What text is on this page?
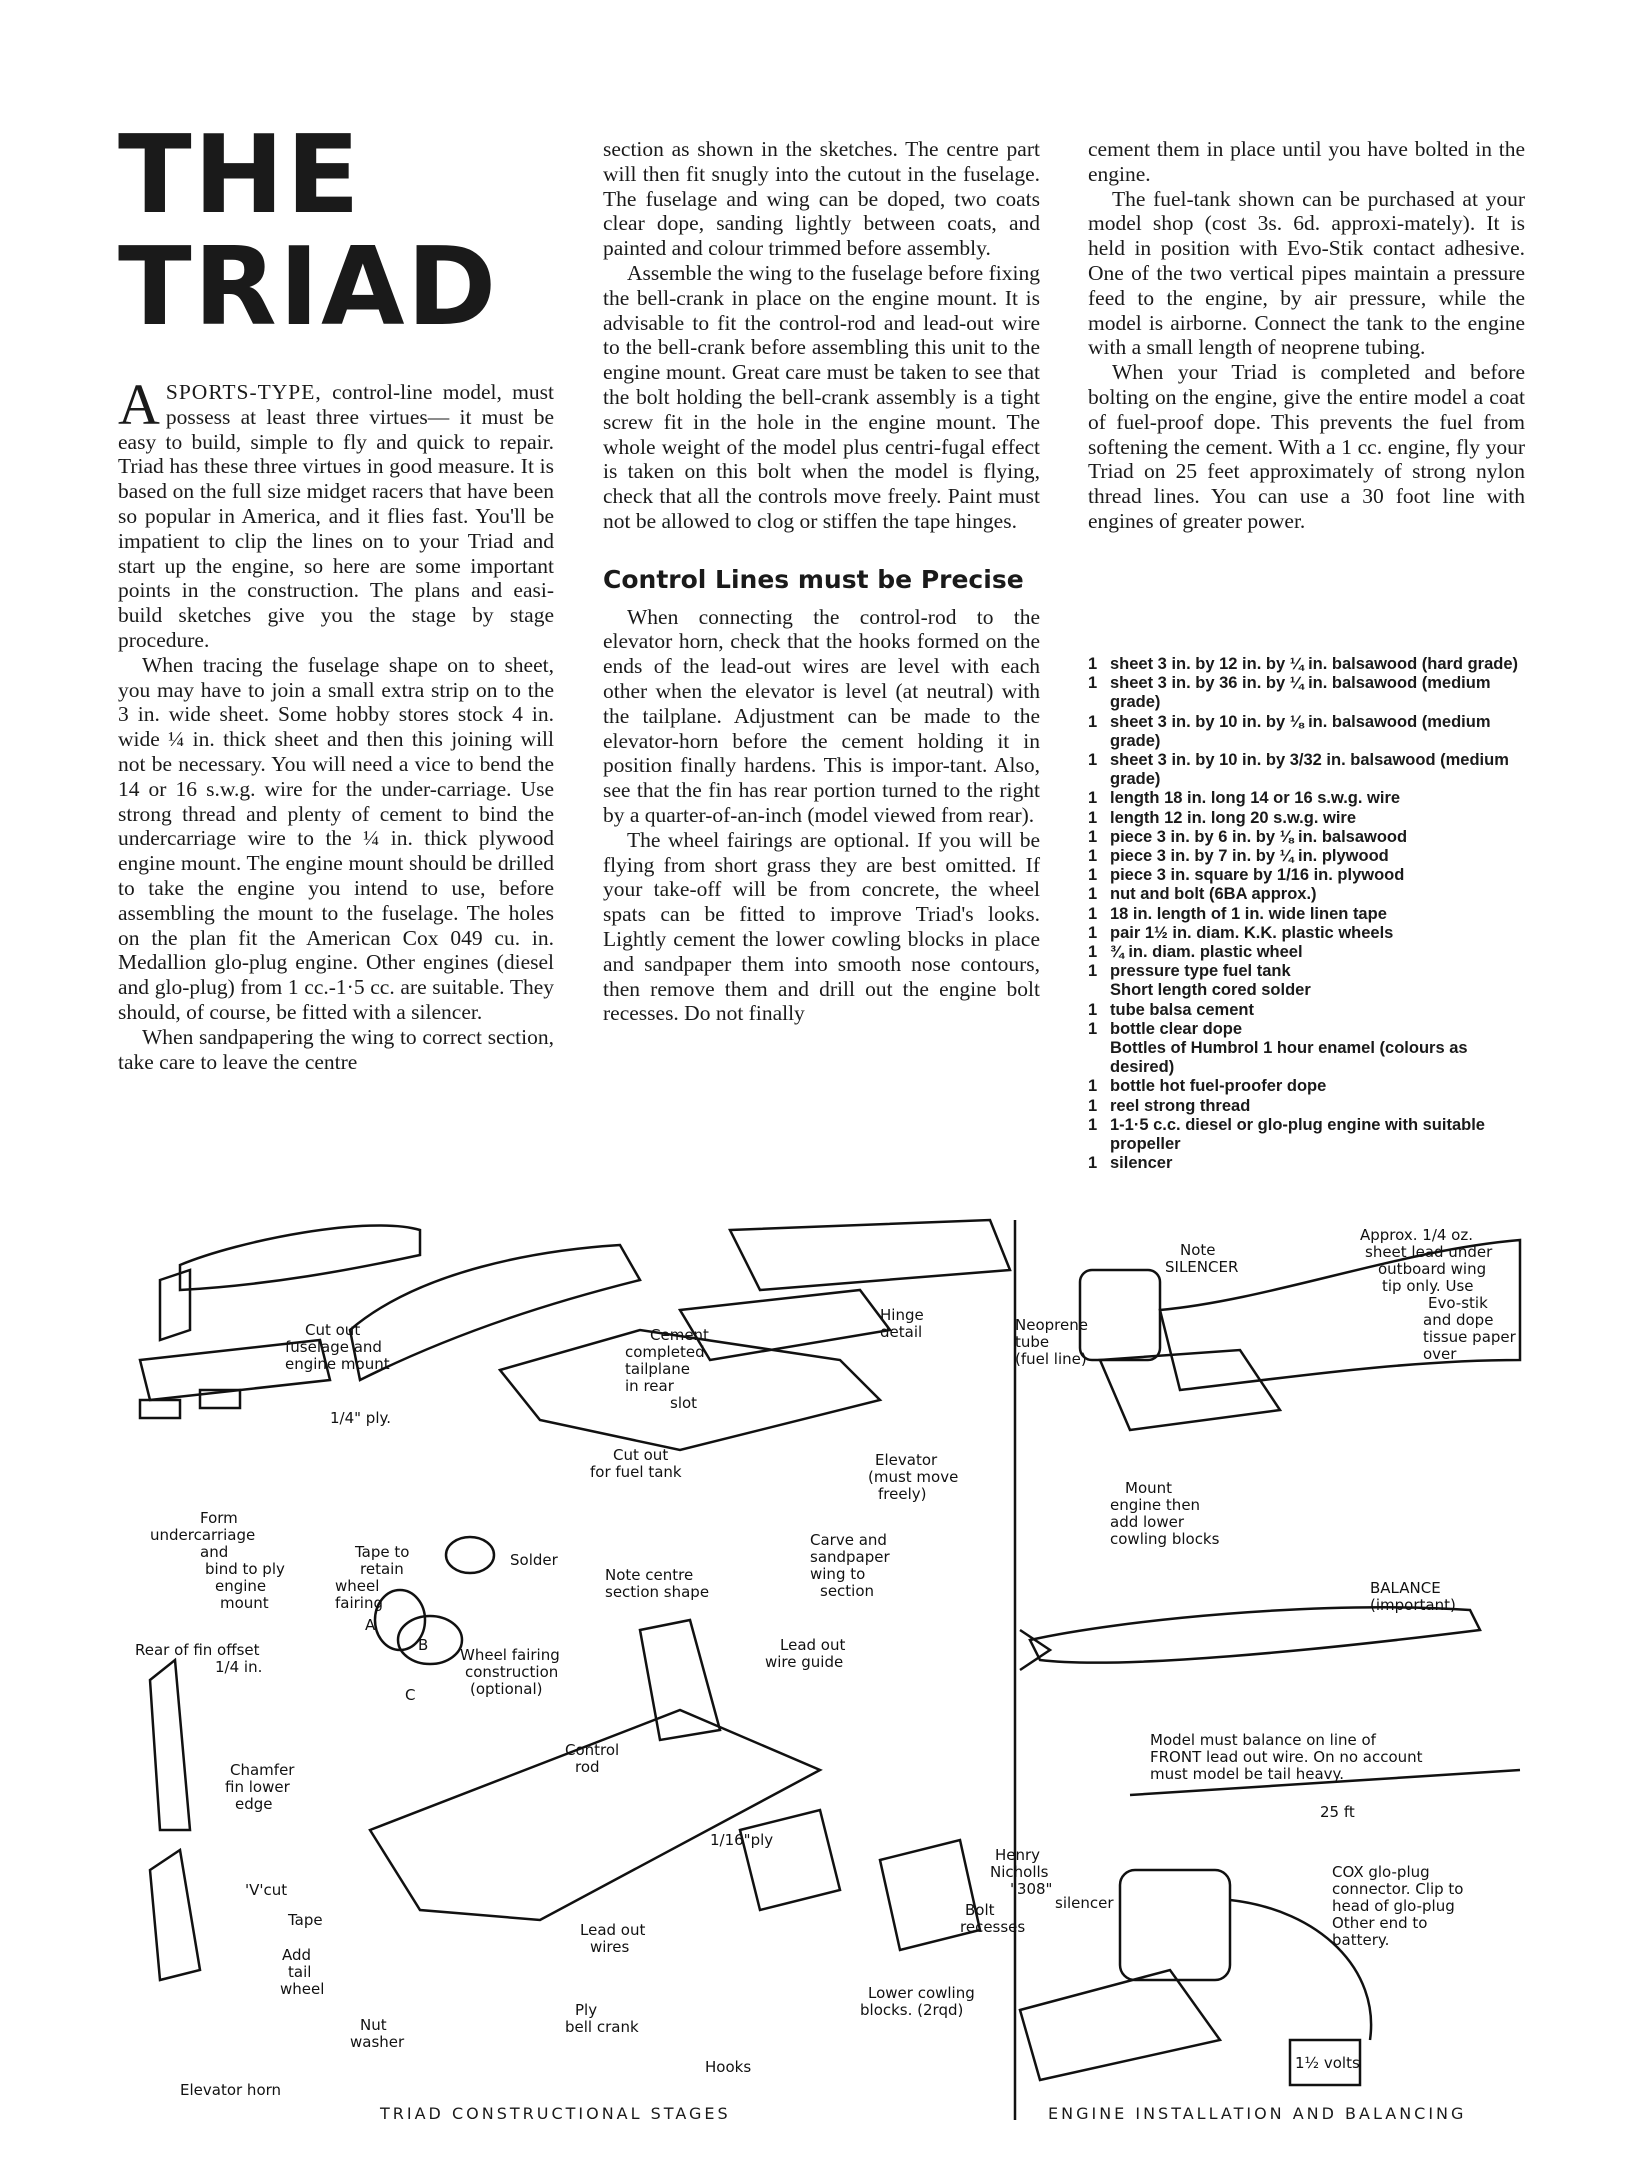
THE
TRIAD

ASPORTS-TYPE, control-line model, must possess at least three virtues— it must be easy to build, simple to fly and quick to repair. Triad has these three virtues in good measure. It is based on the full size midget racers that have been so popular in America, and it flies fast. You'll be impatient to clip the lines on to your Triad and start up the engine, so here are some important points in the construction. The plans and easi-build sketches give you the stage by stage procedure.

When tracing the fuselage shape on to sheet, you may have to join a small extra strip on to the 3 in. wide sheet. Some hobby stores stock 4 in. wide ¼ in. thick sheet and then this joining will not be necessary. You will need a vice to bend the 14 or 16 s.w.g. wire for the under-carriage. Use strong thread and plenty of cement to bind the undercarriage wire to the ¼ in. thick plywood engine mount. The engine mount should be drilled to take the engine you intend to use, before assembling the mount to the fuselage. The holes on the plan fit the American Cox 049 cu. in. Medallion glo-plug engine. Other engines (diesel and glo-plug) from 1 cc.-1·5 cc. are suitable. They should, of course, be fitted with a silencer.

When sandpapering the wing to correct section, take care to leave the centre

section as shown in the sketches. The centre part will then fit snugly into the cutout in the fuselage. The fuselage and wing can be doped, two coats clear dope, sanding lightly between coats, and painted and colour trimmed before assembly.

Assemble the wing to the fuselage before fixing the bell-crank in place on the engine mount. It is advisable to fit the control-rod and lead-out wire to the bell-crank before assembling this unit to the engine mount. Great care must be taken to see that the bolt holding the bell-crank assembly is a tight screw fit in the hole in the engine mount. The whole weight of the model plus centri-fugal effect is taken on this bolt when the model is flying, check that all the controls move freely. Paint must not be allowed to clog or stiffen the tape hinges.

Control Lines must be Precise

When connecting the control-rod to the elevator horn, check that the hooks formed on the ends of the lead-out wires are level with each other when the elevator is level (at neutral) with the tailplane. Adjustment can be made to the elevator-horn before the cement holding it in position finally hardens. This is impor-tant. Also, see that the fin has rear portion turned to the right by a quarter-of-an-inch (model viewed from rear).

The wheel fairings are optional. If you will be flying from short grass they are best omitted. If your take-off will be from concrete, the wheel spats can be fitted to improve Triad's looks. Lightly cement the lower cowling blocks in place and sandpaper them into smooth nose contours, then remove them and drill out the engine bolt recesses. Do not finally

cement them in place until you have bolted in the engine.

The fuel-tank shown can be purchased at your model shop (cost 3s. 6d. approxi-mately). It is held in position with Evo-Stik contact adhesive. One of the two vertical pipes maintain a pressure feed to the engine, by air pressure, while the model is airborne. Connect the tank to the engine with a small length of neoprene tubing.

When your Triad is completed and before bolting on the engine, give the entire model a coat of fuel-proof dope. This prevents the fuel from softening the cement. With a 1 cc. engine, fly your Triad on 25 feet approximately of strong nylon thread lines. You can use a 30 foot line with engines of greater power.

1 sheet 3 in. by 12 in. by ¼ in. balsawood (hard grade)
1 sheet 3 in. by 36 in. by ¼ in. balsawood (medium grade)
1 sheet 3 in. by 10 in. by ⅛ in. balsawood (medium grade)
1 sheet 3 in. by 10 in. by 3/32 in. balsawood (medium grade)
1 length 18 in. long 14 or 16 s.w.g. wire
1 length 12 in. long 20 s.w.g. wire
1 piece 3 in. by 6 in. by ⅛ in. balsawood
1 piece 3 in. by 7 in. by ¼ in. plywood
1 piece 3 in. square by 1/16 in. plywood
1 nut and bolt (6BA approx.)
1 18 in. length of 1 in. wide linen tape
1 pair 1½ in. diam. K.K. plastic wheels
1 ¾ in. diam. plastic wheel
1 pressure type fuel tank
Short length cored solder
1 tube balsa cement
1 bottle clear dope
Bottles of Humbrol 1 hour enamel (colours as desired)
1 bottle hot fuel-proofer dope
1 reel strong thread
1 1-1·5 c.c. diesel or glo-plug engine with suitable propeller
1 silencer
Cut out
fuselage and
engine mount
1/4" ply.
Form
undercarriage
and
bind to ply
engine
mount
Tape to
retain
wheel
fairing
Solder
Cement
completed
tailplane
in rear
slot
Hinge
detail
Cut out
for fuel tank
Elevator
(must move
freely)
Note centre
section shape
Carve and
sandpaper
wing to
section
Rear of fin offset
1/4 in.
A
B
C
Wheel fairing
construction
(optional)
Lead out
wire guide
Chamfer
fin lower
edge
Control
rod
1/16"ply
'V'cut
Tape
Add
tail
wheel
Lead out
wires
Henry
Nicholls
"308"
silencer
Bolt
recesses
Nut
washer
Ply
bell crank
Hooks
Lower cowling
blocks. (2rqd)
Elevator horn
Note
SILENCER
Approx. 1/4 oz.
sheet lead under
outboard wing
tip only. Use
Evo-stik
and dope
tissue paper
over
Neoprene
tube
(fuel line)
Mount
engine then
add lower
cowling blocks
BALANCE
(important)
Model must balance on line of
FRONT lead out wire. On no account
must model be tail heavy.
25 ft
COX glo-plug
connector. Clip to
head of glo-plug
Other end to
battery.
1½ volts
TRIAD CONSTRUCTIONAL STAGES	ENGINE INSTALLATION AND BALANCING
